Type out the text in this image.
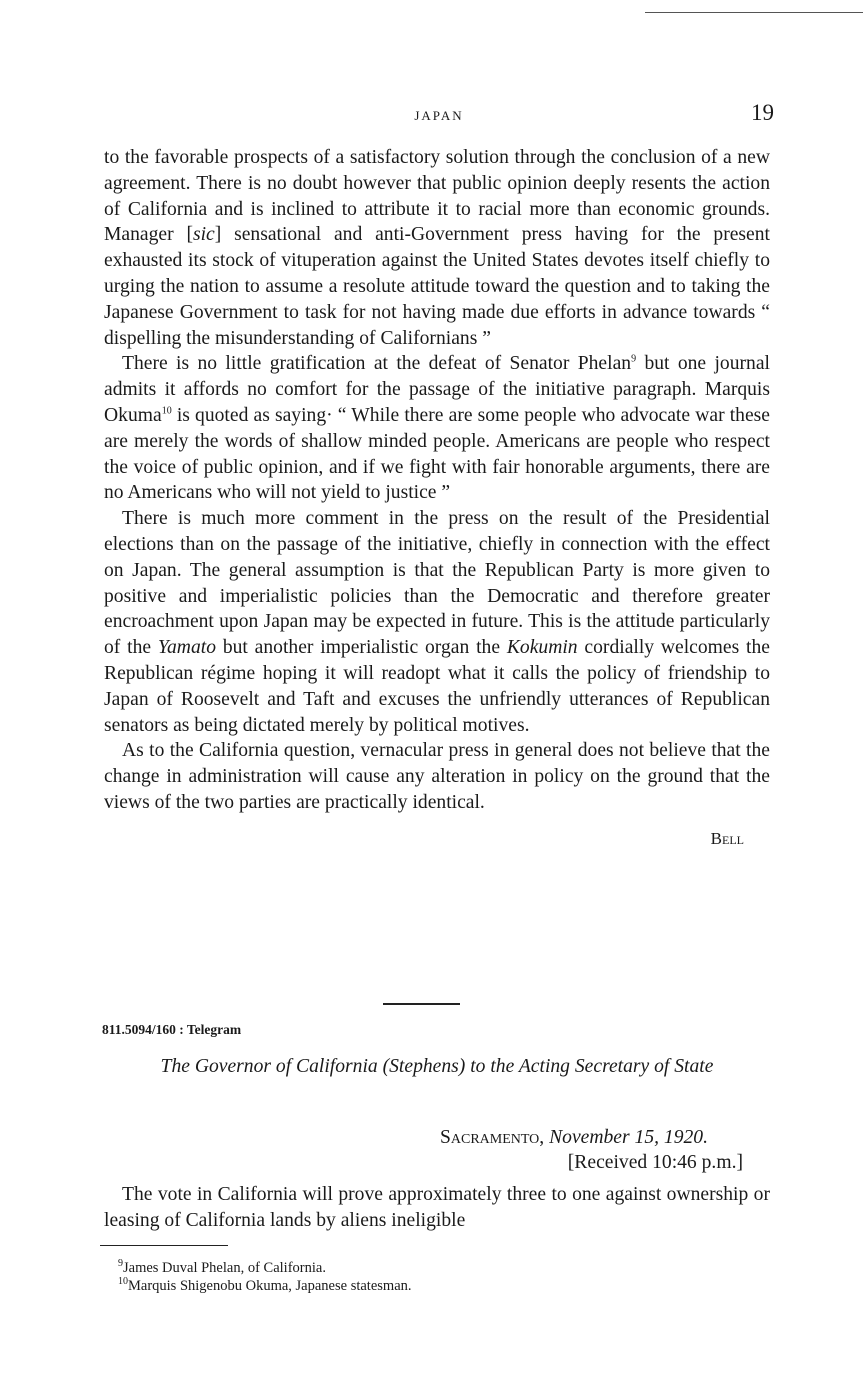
JAPAN	19

to the favorable prospects of a satisfactory solution through the conclusion of a new agreement. There is no doubt however that public opinion deeply resents the action of California and is inclined to attribute it to racial more than economic grounds. Manager [sic] sensational and anti-Government press having for the present exhausted its stock of vituperation against the United States devotes itself chiefly to urging the nation to assume a resolute attitude toward the question and to taking the Japanese Government to task for not having made due efforts in advance towards “ dispelling the misunderstanding of Californians ”

There is no little gratification at the defeat of Senator Phelan$^9$ but one journal admits it affords no comfort for the passage of the initiative paragraph. Marquis Okuma$^{10}$ is quoted as saying· “ While there are some people who advocate war these are merely the words of shallow minded people. Americans are people who respect the voice of public opinion, and if we fight with fair honorable arguments, there are no Americans who will not yield to justice ”

There is much more comment in the press on the result of the Presidential elections than on the passage of the initiative, chiefly in connection with the effect on Japan. The general assumption is that the Republican Party is more given to positive and imperialistic policies than the Democratic and therefore greater encroachment upon Japan may be expected in future. This is the attitude particularly of the Yamato but another imperialistic organ the Kokumin cordially welcomes the Republican régime hoping it will readopt what it calls the policy of friendship to Japan of Roosevelt and Taft and excuses the unfriendly utterances of Republican senators as being dictated merely by political motives.

As to the California question, vernacular press in general does not believe that the change in administration will cause any alteration in policy on the ground that the views of the two parties are practically identical.

Bell

811.5094/160 : Telegram
The Governor of California (Stephens) to the Acting Secretary of State
Sacramento, November 15, 1920.
[Received 10:46 p.m.]
The vote in California will prove approximately three to one against ownership or leasing of California lands by aliens ineligible
$^9$James Duval Phelan, of California.
$^{10}$Marquis Shigenobu Okuma, Japanese statesman.
